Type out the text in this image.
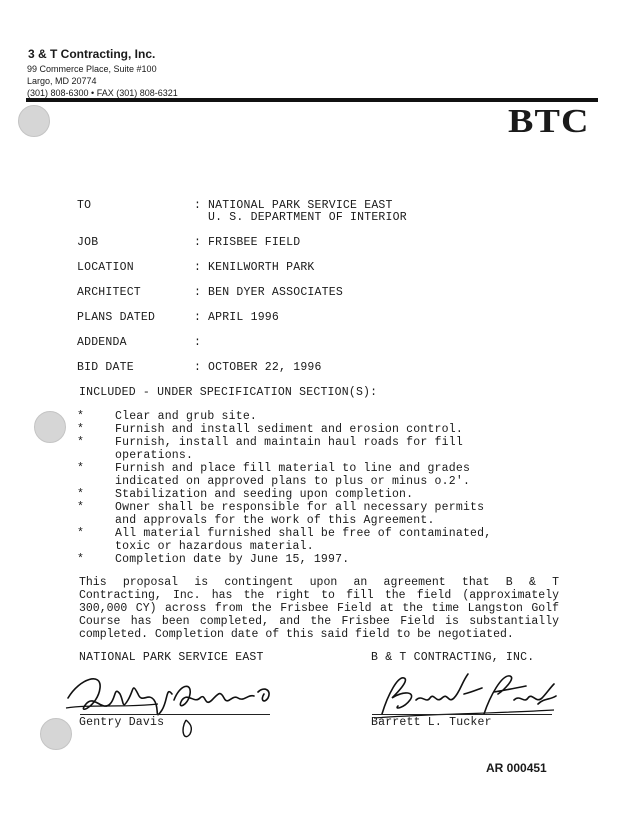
3 & T Contracting, Inc.
99 Commerce Place, Suite #100
Largo, MD 20774
(301) 808-6300 • FAX (301) 808-6321
BTC
TO	: NATIONAL PARK SERVICE EAST
U. S. DEPARTMENT OF INTERIOR
JOB	: FRISBEE FIELD
LOCATION	: KENILWORTH PARK
ARCHITECT	: BEN DYER ASSOCIATES
PLANS DATED	: APRIL 1996
ADDENDA	:
BID DATE	: OCTOBER 22, 1996
INCLUDED - UNDER SPECIFICATION SECTION(S):
*	Clear and grub site.
*	Furnish and install sediment and erosion control.
*	Furnish, install and maintain haul roads for fill
operations.
*	Furnish and place fill material to line and grades
indicated on approved plans to plus or minus o.2'.
*	Stabilization and seeding upon completion.
*	Owner shall be responsible for all necessary permits
and approvals for the work of this Agreement.
*	All material furnished shall be free of contaminated,
toxic or hazardous material.
*	Completion date by June 15, 1997.
This proposal is contingent upon an agreement that B & T
Contracting, Inc. has the right to fill the field (approximately
300,000 CY) across from the Frisbee Field at the time Langston Golf
Course has been completed, and the Frisbee Field is substantially
completed. Completion date of this said field to be negotiated.
NATIONAL PARK SERVICE EAST	B & T CONTRACTING, INC.
Gentry Davis	Barrett L. Tucker
AR 000451
